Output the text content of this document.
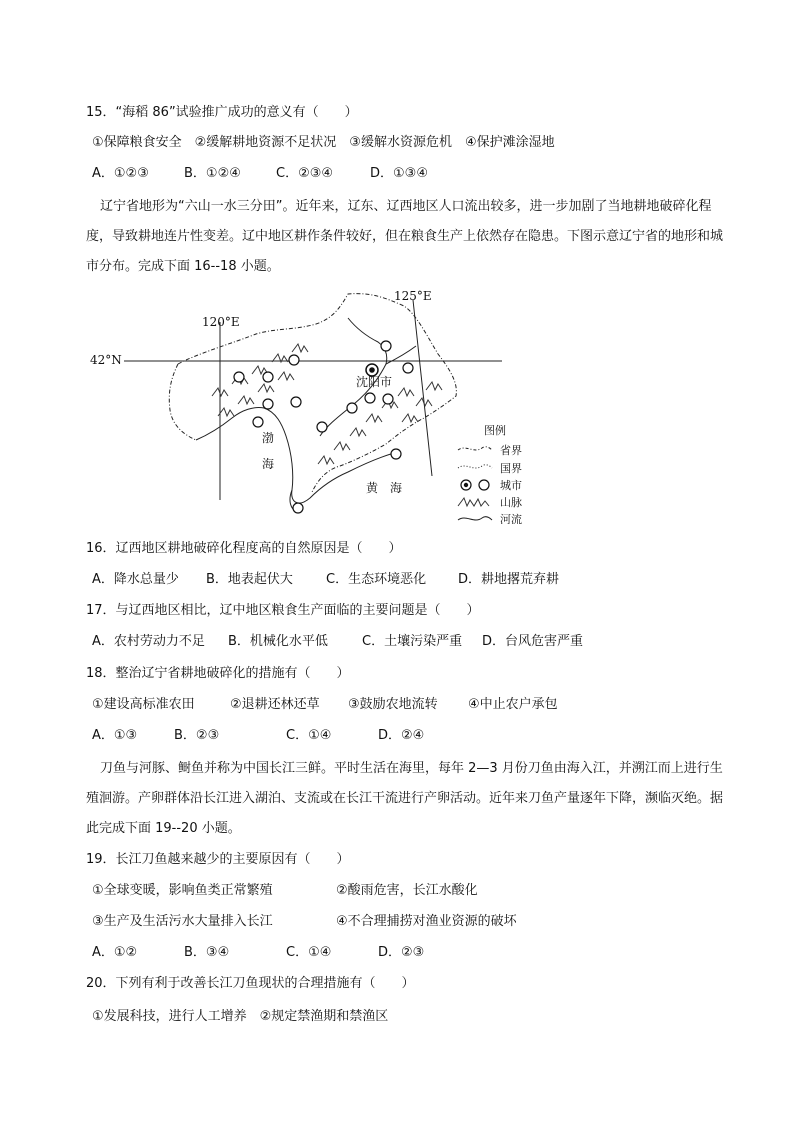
15．“海稻 86”试验推广成功的意义有（　　）
①保障粮食安全　②缓解耕地资源不足状况　③缓解水资源危机　④保护滩涂湿地
A．①②③	B．①②④	C．②③④	D．①③④
辽宁省地形为“六山一水三分田”。近年来，辽东、辽西地区人口流出较多，进一步加剧了当地耕地破碎化程度，导致耕地连片性变差。辽中地区耕作条件较好，但在粮食生产上依然存在隐患。下图示意辽宁省的地形和城市分布。完成下面 16--18 小题。
42°N
120°E
125°E
沈阳市
渤
海
黄　海
图例
省界
国界
城市
山脉
河流
16．辽西地区耕地破碎化程度高的自然原因是（　　）
A．降水总量少 B．地表起伏大	C．生态环境恶化 D．耕地撂荒弃耕
17．与辽西地区相比，辽中地区粮食生产面临的主要问题是（　　）
A．农村劳动力不足 B．机械化水平低	C．土壤污染严重 D．台风危害严重
18．整治辽宁省耕地破碎化的措施有（　　）
①建设高标准农田	②退耕还林还草 ③鼓励农地流转 ④中止农户承包
A．①③	B．②③	C．①④	D．②④
刀鱼与河豚、鲥鱼并称为中国长江三鲜。平时生活在海里，每年 2—3 月份刀鱼由海入江，并溯江而上进行生殖洄游。产卵群体沿长江进入湖泊、支流或在长江干流进行产卵活动。近年来刀鱼产量逐年下降，濒临灭绝。据此完成下面 19--20 小题。
19．长江刀鱼越来越少的主要原因有（　　）
①全球变暖，影响鱼类正常繁殖	②酸雨危害，长江水酸化
③生产及生活污水大量排入长江	④不合理捕捞对渔业资源的破坏
A．①②	B．③④	C．①④	D．②③
20．下列有利于改善长江刀鱼现状的合理措施有（　　）
①发展科技，进行人工增养　②规定禁渔期和禁渔区
